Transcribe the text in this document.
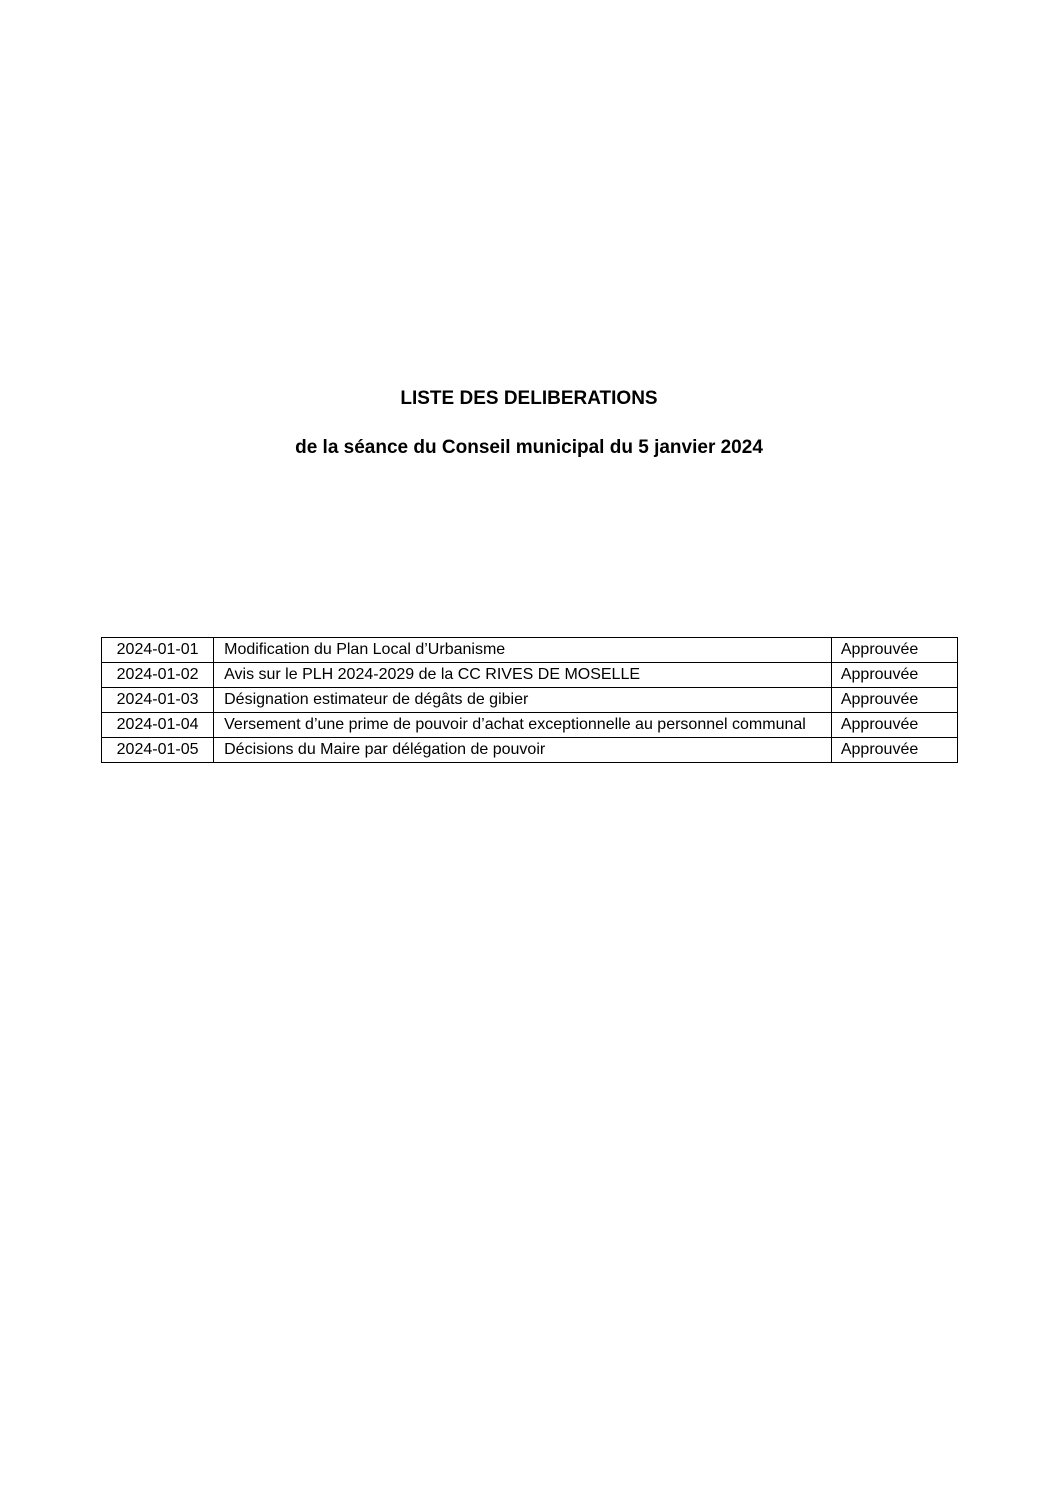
LISTE DES DELIBERATIONS
de la séance du Conseil municipal du 5 janvier 2024
2024-01-01	Modification du Plan Local d’Urbanisme	Approuvée
2024-01-02	Avis sur le PLH 2024-2029 de la CC RIVES DE MOSELLE	Approuvée
2024-01-03	Désignation estimateur de dégâts de gibier	Approuvée
2024-01-04	Versement d’une prime de pouvoir d’achat exceptionnelle au personnel communal	Approuvée
2024-01-05	Décisions du Maire par délégation de pouvoir	Approuvée
